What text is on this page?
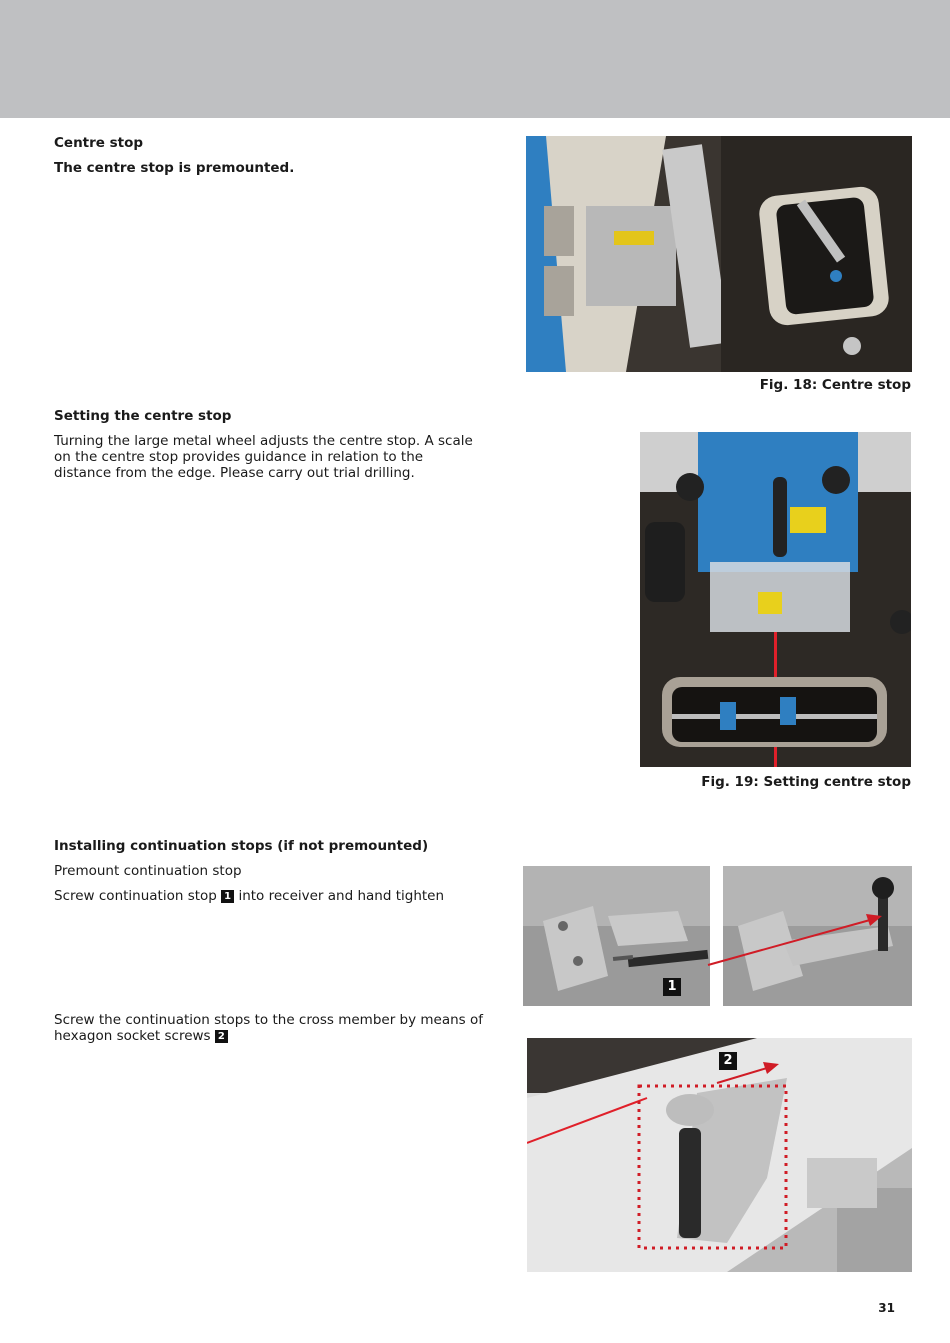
Centre stop
The centre stop is premounted.
Setting the centre stop
Turning the large metal wheel adjusts the centre stop. A scale on the centre stop provides guidance in relation to the distance from the edge. Please carry out trial drilling.
Installing continuation stops (if not premounted)
Premount continuation stop
Screw continuation stop 1 into receiver and hand tighten
Screw the continuation stops to the cross member by means of hexagon socket screws 2
Fig. 18: Centre stop
Fig. 19: Setting centre stop
1
2
31
